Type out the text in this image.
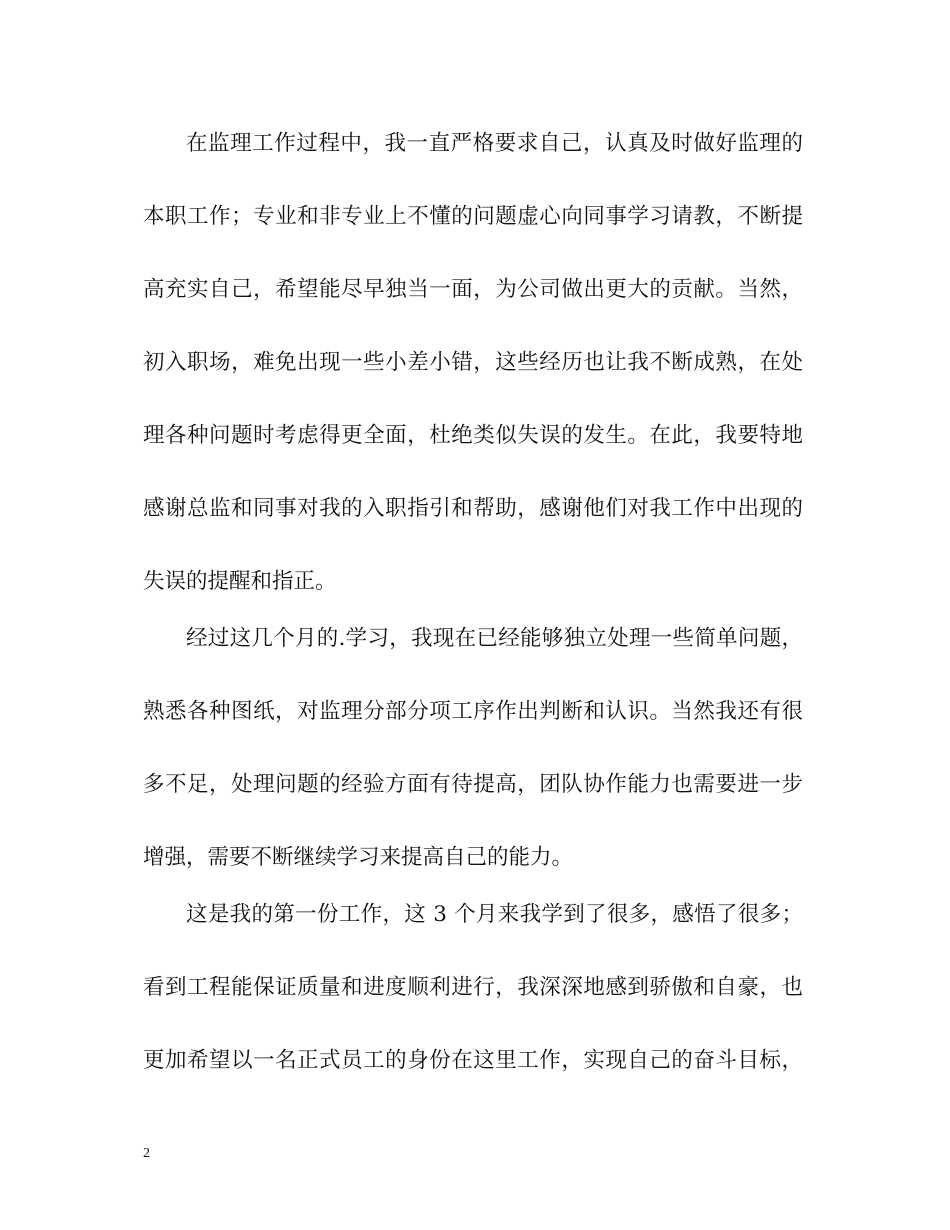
在监理工作过程中，我一直严格要求自己，认真及时做好监理的
本职工作；专业和非专业上不懂的问题虚心向同事学习请教，不断提
高充实自己，希望能尽早独当一面，为公司做出更大的贡献。当然，
初入职场，难免出现一些小差小错，这些经历也让我不断成熟，在处
理各种问题时考虑得更全面，杜绝类似失误的发生。在此，我要特地
感谢总监和同事对我的入职指引和帮助，感谢他们对我工作中出现的
失误的提醒和指正。
经过这几个月的.学习，我现在已经能够独立处理一些简单问题，
熟悉各种图纸，对监理分部分项工序作出判断和认识。当然我还有很
多不足，处理问题的经验方面有待提高，团队协作能力也需要进一步
增强，需要不断继续学习来提高自己的能力。
这是我的第一份工作，这 3 个月来我学到了很多，感悟了很多；
看到工程能保证质量和进度顺利进行，我深深地感到骄傲和自豪，也
更加希望以一名正式员工的身份在这里工作，实现自己的奋斗目标，
2
